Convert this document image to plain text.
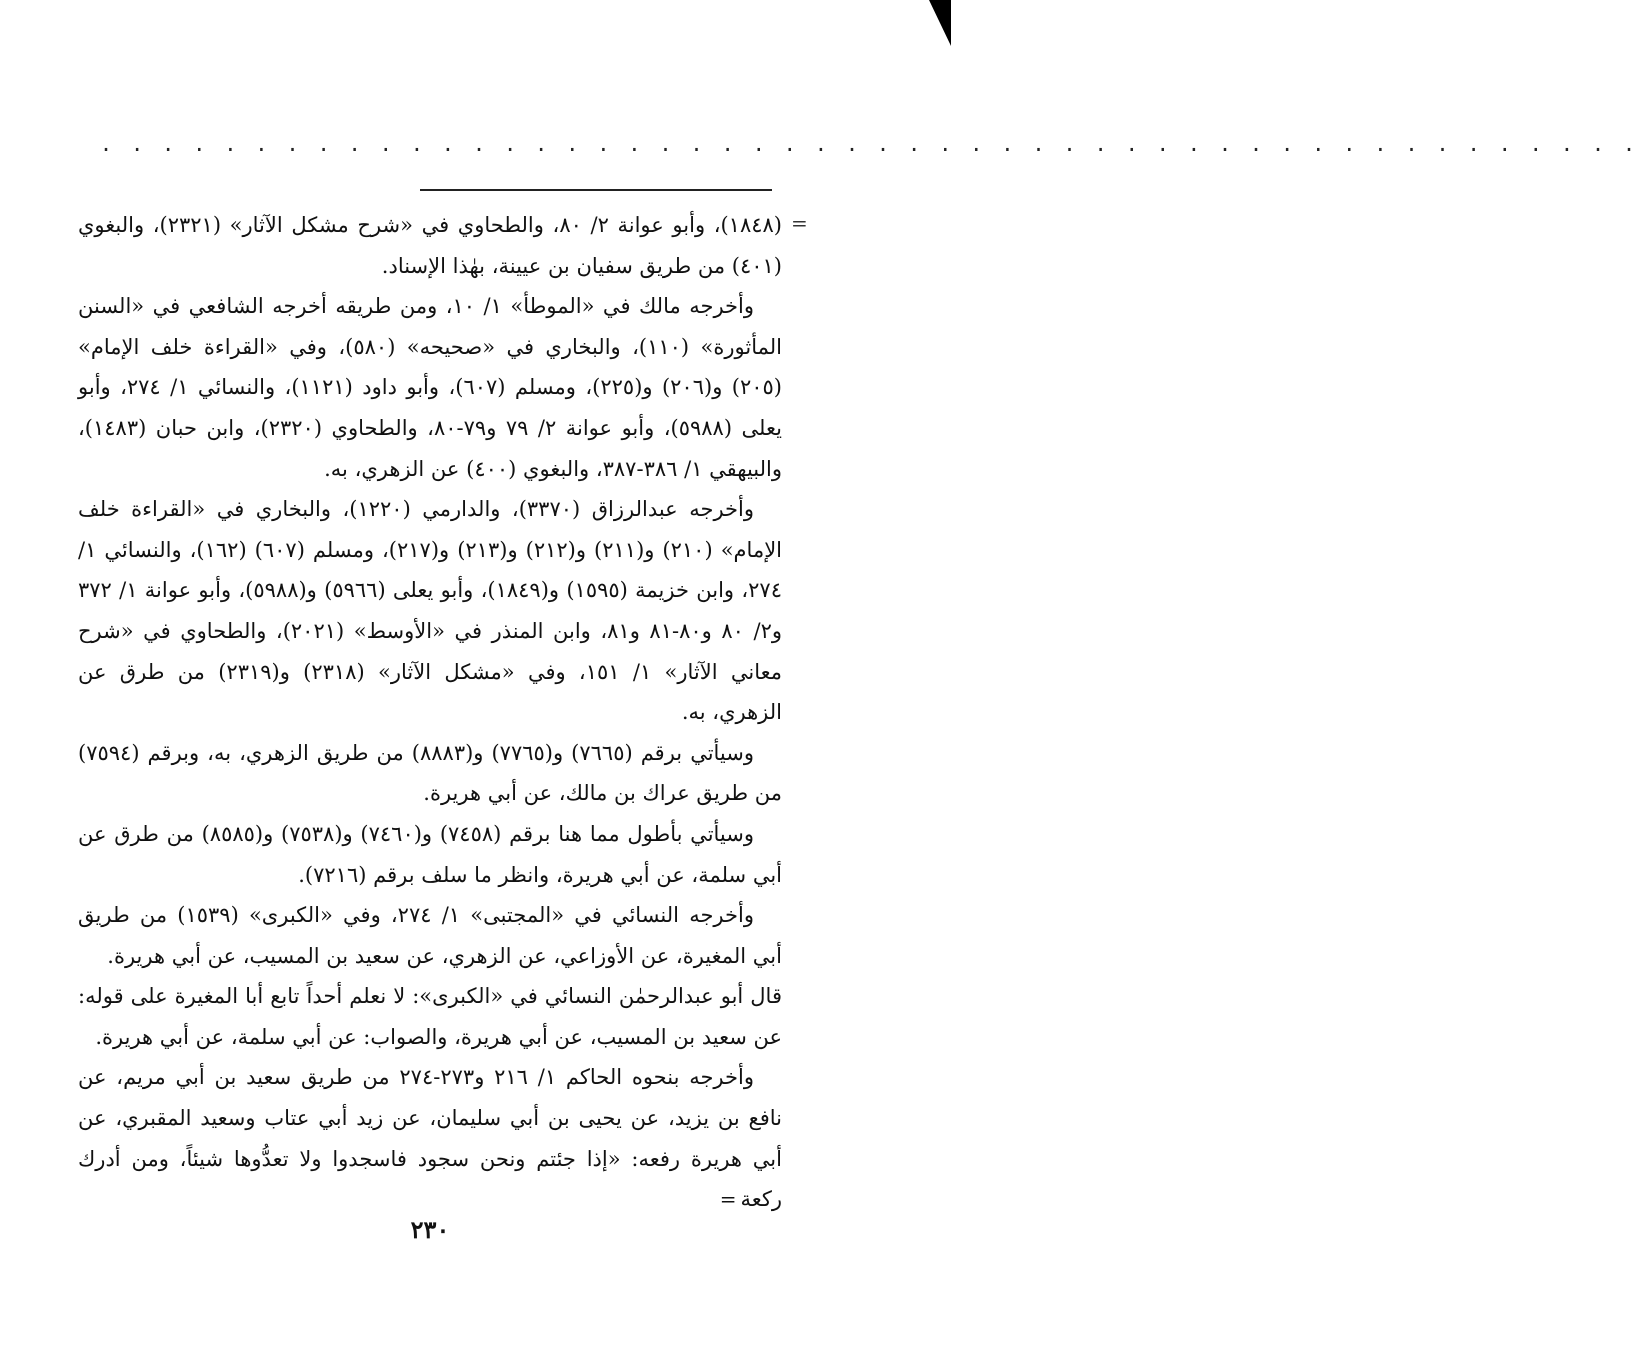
. . . . . . . . . . . . . . . . . . . . . . . . . . . . . . . . . . . . . . . . . . . . . . . . . .
=

(١٨٤٨)، وأبو عوانة ٢/ ٨٠، والطحاوي في «شرح مشكل الآثار» (٢٣٢١)، والبغوي (٤٠١) من طريق سفيان بن عيينة، بهٰذا الإسناد.

وأخرجه مالك في «الموطأ» ١/ ١٠، ومن طريقه أخرجه الشافعي في «السنن المأثورة» (١١٠)، والبخاري في «صحيحه» (٥٨٠)، وفي «القراءة خلف الإمام» (٢٠٥) و(٢٠٦) و(٢٢٥)، ومسلم (٦٠٧)، وأبو داود (١١٢١)، والنسائي ١/ ٢٧٤، وأبو يعلى (٥٩٨٨)، وأبو عوانة ٢/ ٧٩ و٧٩-٨٠، والطحاوي (٢٣٢٠)، وابن حبان (١٤٨٣)، والبيهقي ١/ ٣٨٦-٣٨٧، والبغوي (٤٠٠) عن الزهري، به.

وأخرجه عبدالرزاق (٣٣٧٠)، والدارمي (١٢٢٠)، والبخاري في «القراءة خلف الإمام» (٢١٠) و(٢١١) و(٢١٢) و(٢١٣) و(٢١٧)، ومسلم (٦٠٧) (١٦٢)، والنسائي ١/ ٢٧٤، وابن خزيمة (١٥٩٥) و(١٨٤٩)، وأبو يعلى (٥٩٦٦) و(٥٩٨٨)، وأبو عوانة ١/ ٣٧٢ و٢/ ٨٠ و٨٠-٨١ و٨١، وابن المنذر في «الأوسط» (٢٠٢١)، والطحاوي في «شرح معاني الآثار» ١/ ١٥١، وفي «مشكل الآثار» (٢٣١٨) و(٢٣١٩) من طرق عن الزهري، به.

وسيأتي برقم (٧٦٦٥) و(٧٧٦٥) و(٨٨٨٣) من طريق الزهري، به، وبرقم (٧٥٩٤) من طريق عراك بن مالك، عن أبي هريرة.

وسيأتي بأطول مما هنا برقم (٧٤٥٨) و(٧٤٦٠) و(٧٥٣٨) و(٨٥٨٥) من طرق عن أبي سلمة، عن أبي هريرة، وانظر ما سلف برقم (٧٢١٦).

وأخرجه النسائي في «المجتبى» ١/ ٢٧٤، وفي «الكبرى» (١٥٣٩) من طريق أبي المغيرة، عن الأوزاعي، عن الزهري، عن سعيد بن المسيب، عن أبي هريرة.

قال أبو عبدالرحمٰن النسائي في «الكبرى»: لا نعلم أحداً تابع أبا المغيرة على قوله: عن سعيد بن المسيب، عن أبي هريرة، والصواب: عن أبي سلمة، عن أبي هريرة.

وأخرجه بنحوه الحاكم ١/ ٢١٦ و٢٧٣-٢٧٤ من طريق سعيد بن أبي مريم، عن نافع بن يزيد، عن يحيى بن أبي سليمان، عن زيد أبي عتاب وسعيد المقبري، عن أبي هريرة رفعه: «إذا جئتم ونحن سجود فاسجدوا ولا تعدُّوها شيئاً، ومن أدرك ركعة=

٢٣٠
